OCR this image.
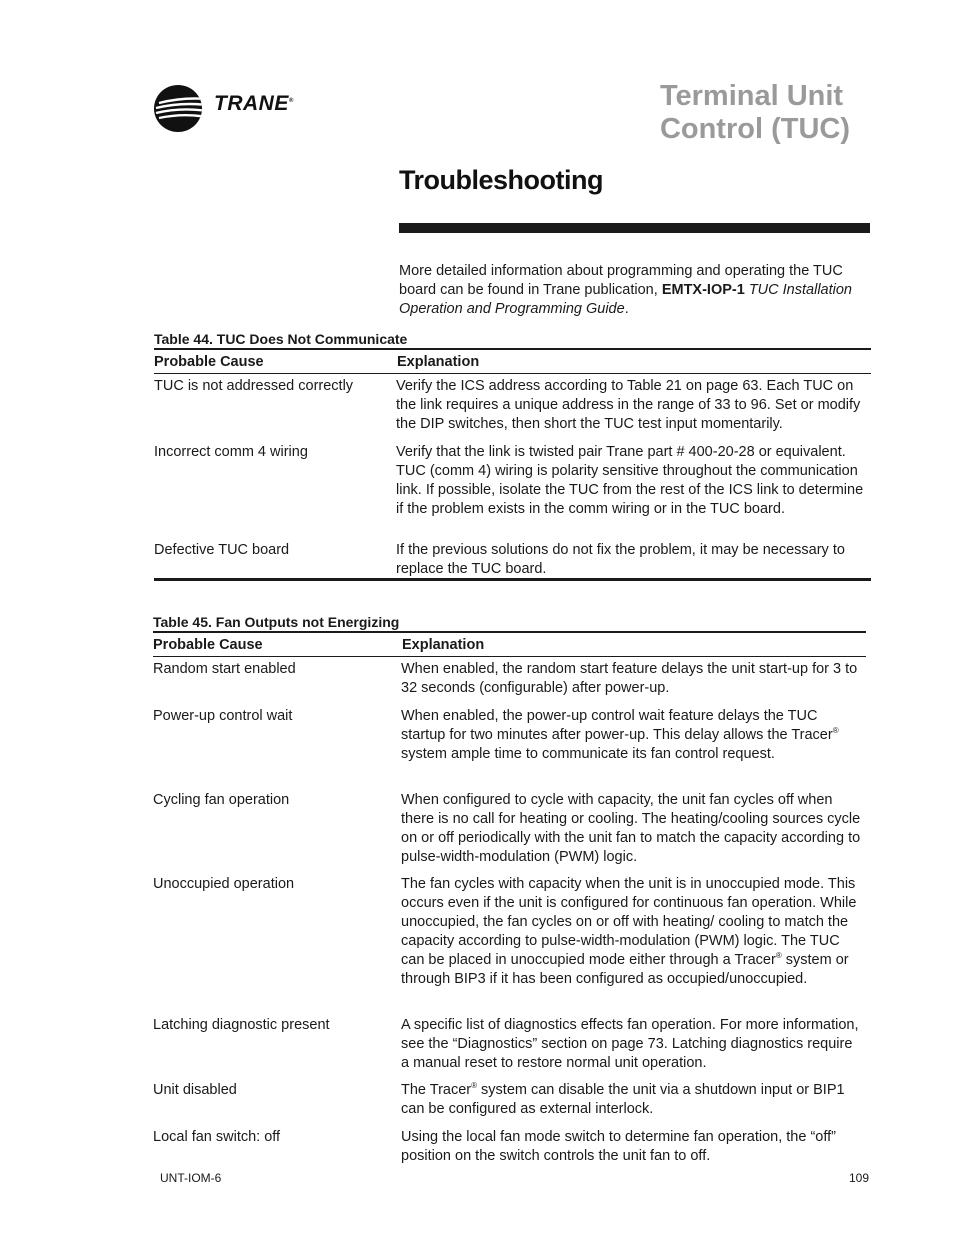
TRANE®	Terminal Unit
Control (TUC)
Troubleshooting
More detailed information about programming and operating the TUC board can be found in Trane publication, EMTX-IOP-1 TUC Installation Operation and Programming Guide.
Table 44. TUC Does Not Communicate
Probable Cause	Explanation
TUC is not addressed correctly	Verify the ICS address according to Table 21 on page 63. Each TUC on the link requires a unique address in the range of 33 to 96. Set or modify the DIP switches, then short the TUC test input momentarily.
Incorrect comm 4 wiring	Verify that the link is twisted pair Trane part # 400-20-28 or equivalent. TUC (comm 4) wiring is polarity sensitive throughout the communication link. If possible, isolate the TUC from the rest of the ICS link to determine if the problem exists in the comm wiring or in the TUC board.
Defective TUC board	If the previous solutions do not fix the problem, it may be necessary to replace the TUC board.
Table 45. Fan Outputs not Energizing
Probable Cause	Explanation
Random start enabled	When enabled, the random start feature delays the unit start-up for 3 to 32 seconds (configurable) after power-up.
Power-up control wait	When enabled, the power-up control wait feature delays the TUC startup for two minutes after power-up. This delay allows the Tracer® system ample time to communicate its fan control request.
Cycling fan operation	When configured to cycle with capacity, the unit fan cycles off when there is no call for heating or cooling. The heating/cooling sources cycle on or off periodically with the unit fan to match the capacity according to pulse-width-modulation (PWM) logic.
Unoccupied operation	The fan cycles with capacity when the unit is in unoccupied mode. This occurs even if the unit is configured for continuous fan operation. While unoccupied, the fan cycles on or off with heating/ cooling to match the capacity according to pulse-width-modulation (PWM) logic. The TUC can be placed in unoccupied mode either through a Tracer® system or through BIP3 if it has been configured as occupied/unoccupied.
Latching diagnostic present	A specific list of diagnostics effects fan operation. For more information, see the “Diagnostics” section on page 73. Latching diagnostics require a manual reset to restore normal unit operation.
Unit disabled	The Tracer® system can disable the unit via a shutdown input or BIP1 can be configured as external interlock.
Local fan switch: off	Using the local fan mode switch to determine fan operation, the “off” position on the switch controls the unit fan to off.
UNT-IOM-6	109
